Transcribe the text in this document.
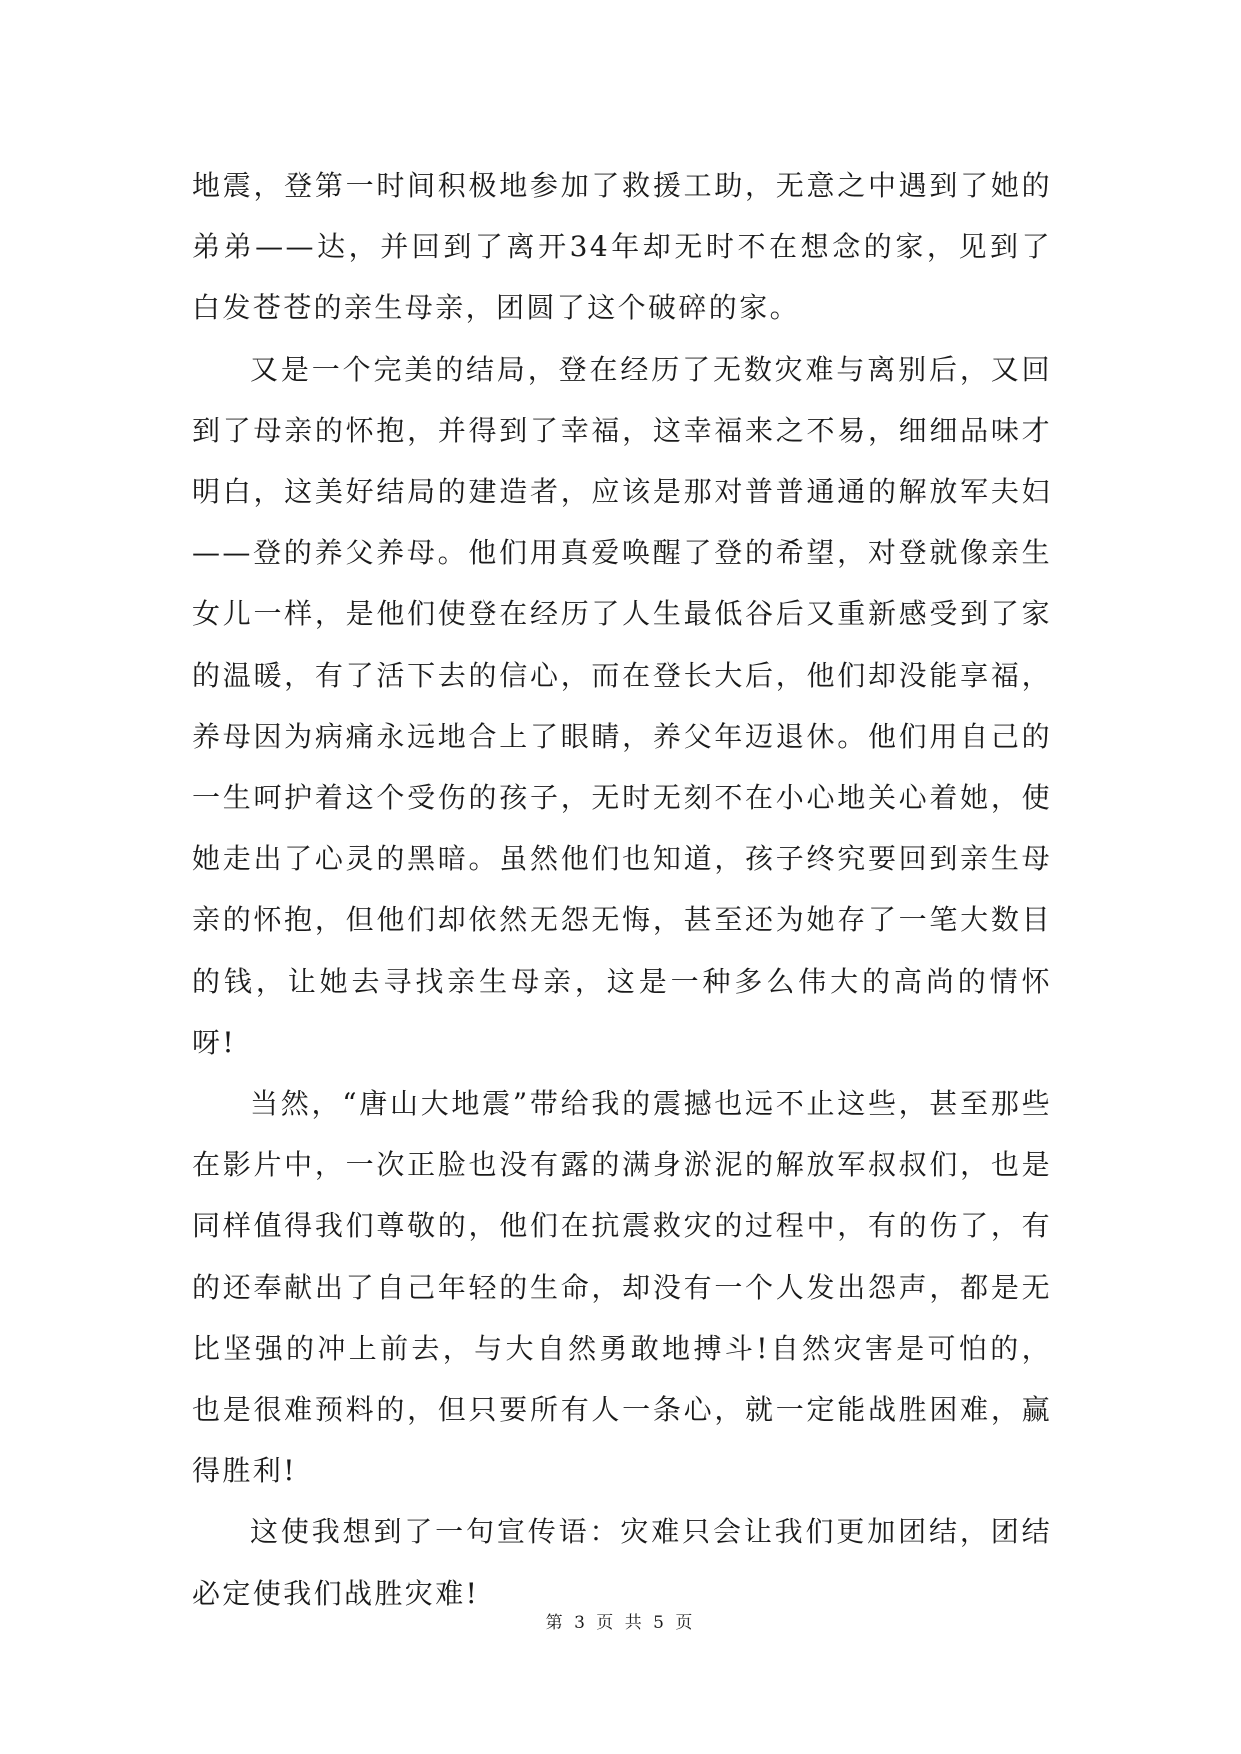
地震，登第一时间积极地参加了救援工助，无意之中遇到了她的弟弟——达，并回到了离开34年却无时不在想念的家，见到了白发苍苍的亲生母亲，团圆了这个破碎的家。

又是一个完美的结局，登在经历了无数灾难与离别后，又回到了母亲的怀抱，并得到了幸福，这幸福来之不易，细细品味才明白，这美好结局的建造者，应该是那对普普通通的解放军夫妇——登的养父养母。他们用真爱唤醒了登的希望，对登就像亲生女儿一样，是他们使登在经历了人生最低谷后又重新感受到了家的温暖，有了活下去的信心，而在登长大后，他们却没能享福，养母因为病痛永远地合上了眼睛，养父年迈退休。他们用自己的一生呵护着这个受伤的孩子，无时无刻不在小心地关心着她，使她走出了心灵的黑暗。虽然他们也知道，孩子终究要回到亲生母亲的怀抱，但他们却依然无怨无悔，甚至还为她存了一笔大数目的钱，让她去寻找亲生母亲，这是一种多么伟大的高尚的情怀呀!

当然，“唐山大地震”带给我的震撼也远不止这些，甚至那些在影片中，一次正脸也没有露的满身淤泥的解放军叔叔们，也是同样值得我们尊敬的，他们在抗震救灾的过程中，有的伤了，有的还奉献出了自己年轻的生命，却没有一个人发出怨声，都是无比坚强的冲上前去，与大自然勇敢地搏斗!自然灾害是可怕的，也是很难预料的，但只要所有人一条心，就一定能战胜困难，赢得胜利!

这使我想到了一句宣传语：灾难只会让我们更加团结，团结必定使我们战胜灾难!

第 3 页 共 5 页
